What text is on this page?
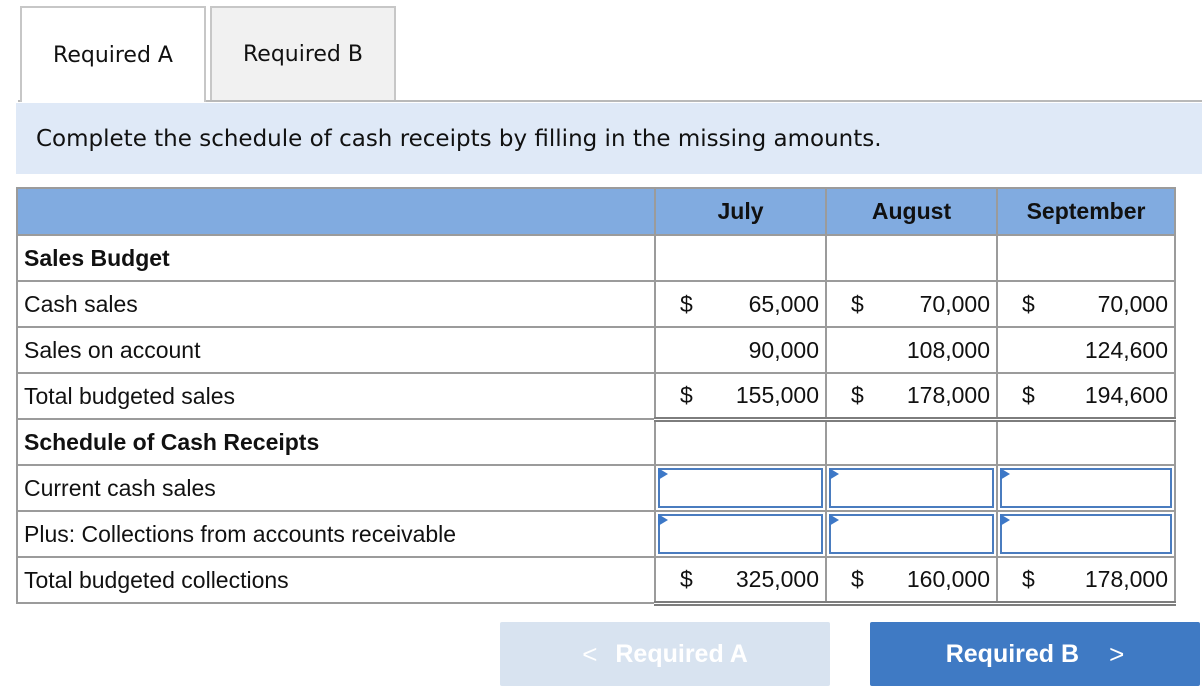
Required A	Required B
Complete the schedule of cash receipts by filling in the missing amounts.
	July	August	September
Sales Budget			
Cash sales	$ 65,000	$ 70,000	$ 70,000

Sales on account	90,000	108,000	124,600
Total budgeted sales	$ 155,000	$ 178,000	$ 194,600

Schedule of Cash Receipts			
Current cash sales	

Plus: Collections from accounts receivable	

Total budgeted collections	$ 325,000	$ 160,000	$ 178,000
< Required A	Required B >
